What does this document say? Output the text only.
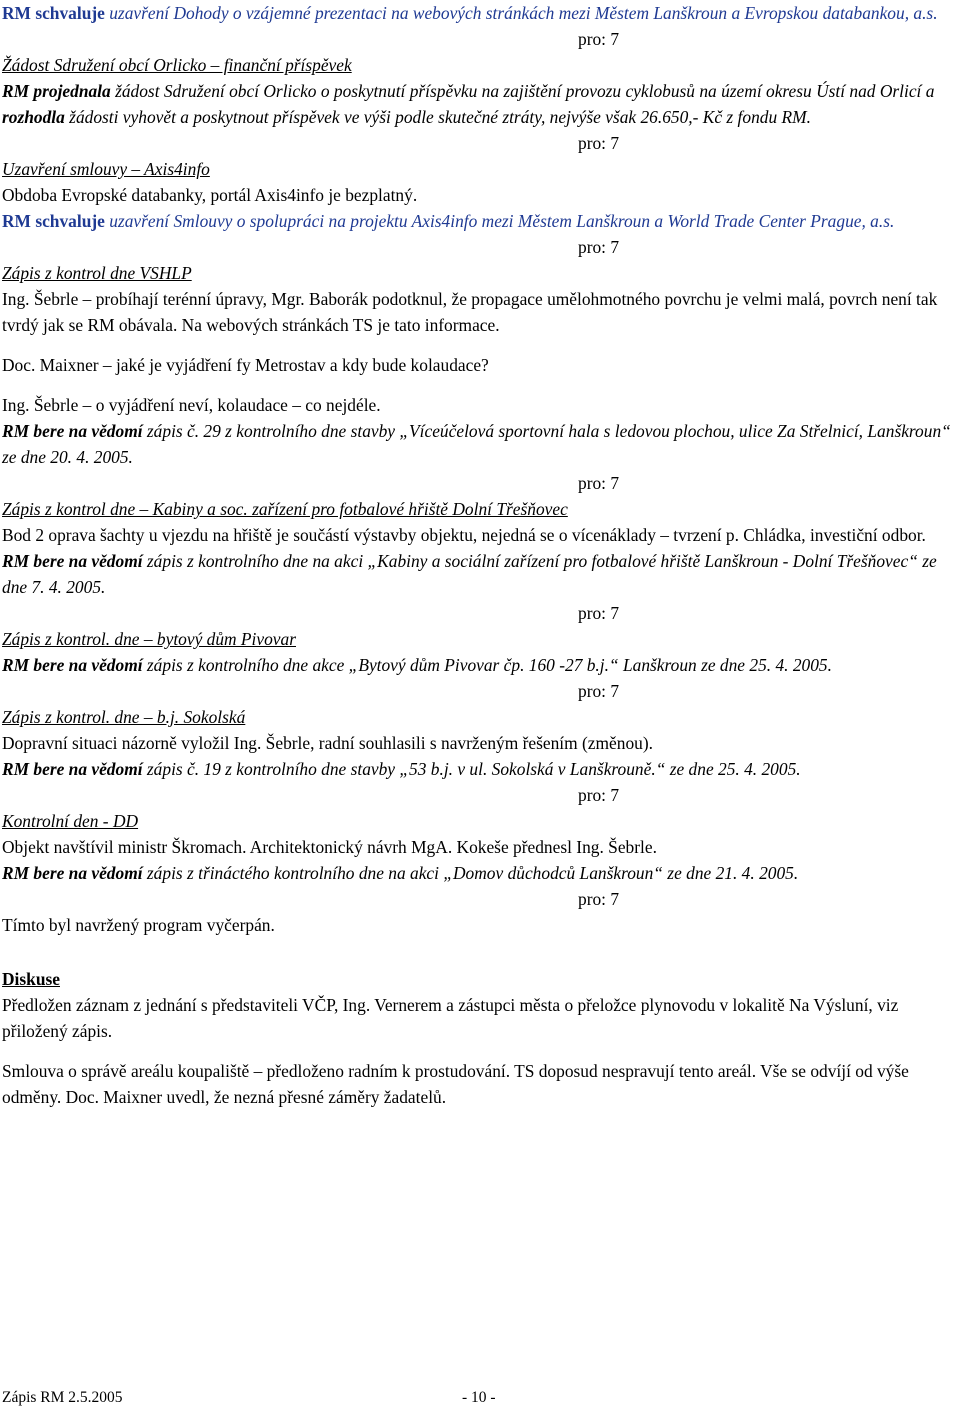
RM schvaluje uzavření Dohody o vzájemné prezentaci na webových stránkách mezi Městem Lanškroun a Evropskou databankou, a.s.

pro: 7

Žádost Sdružení obcí Orlicko – finanční příspěvek

RM projednala žádost Sdružení obcí Orlicko o poskytnutí příspěvku na zajištění provozu cyklobusů na území okresu Ústí nad Orlicí a rozhodla žádosti vyhovět a poskytnout příspěvek ve výši podle skutečné ztráty, nejvýše však 26.650,- Kč z fondu RM.

pro: 7

Uzavření smlouvy – Axis4info

Obdoba Evropské databanky, portál Axis4info je bezplatný.

RM schvaluje uzavření Smlouvy o spolupráci na projektu Axis4info mezi Městem Lanškroun a World Trade Center Prague, a.s.

pro: 7

Zápis z kontrol dne VSHLP

Ing. Šebrle – probíhají terénní úpravy, Mgr. Baborák podotknul, že propagace umělohmotného povrchu je velmi malá, povrch není tak tvrdý jak se RM obávala. Na webových stránkách TS je tato informace.

Doc. Maixner – jaké je vyjádření fy Metrostav a kdy bude kolaudace?

Ing. Šebrle – o vyjádření neví, kolaudace – co nejdéle.

RM bere na vědomí zápis č. 29 z kontrolního dne stavby „Víceúčelová sportovní hala s ledovou plochou, ulice Za Střelnicí, Lanškroun“ ze dne 20. 4. 2005.

pro: 7

Zápis z kontrol dne – Kabiny a soc. zařízení pro fotbalové hřiště Dolní Třešňovec

Bod 2 oprava šachty u vjezdu na hřiště je součástí výstavby objektu, nejedná se o vícenáklady – tvrzení p. Chládka, investiční odbor.

RM bere na vědomí zápis z kontrolního dne na akci „Kabiny a sociální zařízení pro fotbalové hřiště Lanškroun - Dolní Třešňovec“ ze dne 7. 4. 2005.

pro: 7

Zápis z kontrol. dne – bytový dům Pivovar

RM bere na vědomí zápis z kontrolního dne akce „Bytový dům Pivovar čp. 160 -27 b.j.“ Lanškroun ze dne 25. 4. 2005.

pro: 7

Zápis z kontrol. dne – b.j. Sokolská

Dopravní situaci názorně vyložil Ing. Šebrle, radní souhlasili s navrženým řešením (změnou).

RM bere na vědomí zápis č. 19 z kontrolního dne stavby „53 b.j. v ul. Sokolská v Lanškrouně.“ ze dne 25. 4. 2005.

pro: 7

Kontrolní den - DD

Objekt navštívil ministr Škromach. Architektonický návrh MgA. Kokeše přednesl Ing. Šebrle.

RM bere na vědomí zápis z třináctého kontrolního dne na akci „Domov důchodců Lanškroun“ ze dne 21. 4. 2005.

pro: 7

Tímto byl navržený program vyčerpán.

Diskuse

Předložen záznam z jednání s představiteli VČP, Ing. Vernerem a zástupci města o přeložce plynovodu v lokalitě Na Výsluní, viz přiložený zápis.

Smlouva o správě areálu koupaliště – předloženo radním k prostudování. TS doposud nespravují tento areál. Vše se odvíjí od výše odměny. Doc. Maixner uvedl, že nezná přesné záměry žadatelů.

Zápis RM 2.5.2005	- 10 -
